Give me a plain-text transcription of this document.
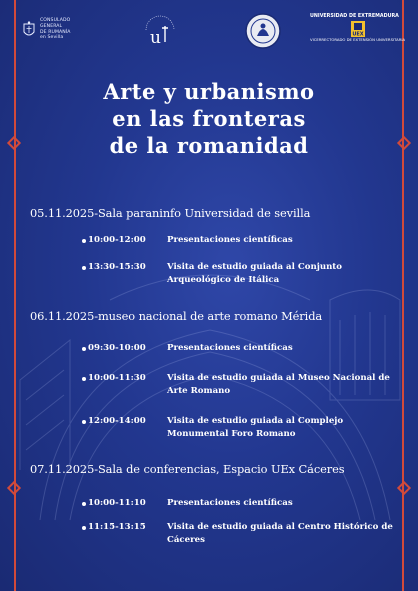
CONSULADO
GENERAL
DE RUMANÍA
en Sevilla	u
UNIVERSIDAD DE EXTREMADURA
UEX
VICERRECTORADO DE EXTENSIÓN UNIVERSITARIA
Arte y urbanismo
en las fronteras
de la romanidad
05.11.2025-Sala paraninfo Universidad de sevilla
10:00-12:00	Presentaciones científicas
13:30-15:30	Visita de estudio guiada al Conjunto Arqueológico de Itálica
06.11.2025-museo nacional de arte romano Mérida
09:30-10:00	Presentaciones científicas
10:00-11:30	Visita de estudio guiada al Museo Nacional de Arte Romano
12:00-14:00	Visita de estudio guiada al Complejo Monumental Foro Romano
07.11.2025-Sala de conferencias, Espacio UEx Cáceres
10:00-11:10	Presentaciones científicas
11:15-13:15	Visita de estudio guiada al Centro Histórico de Cáceres
